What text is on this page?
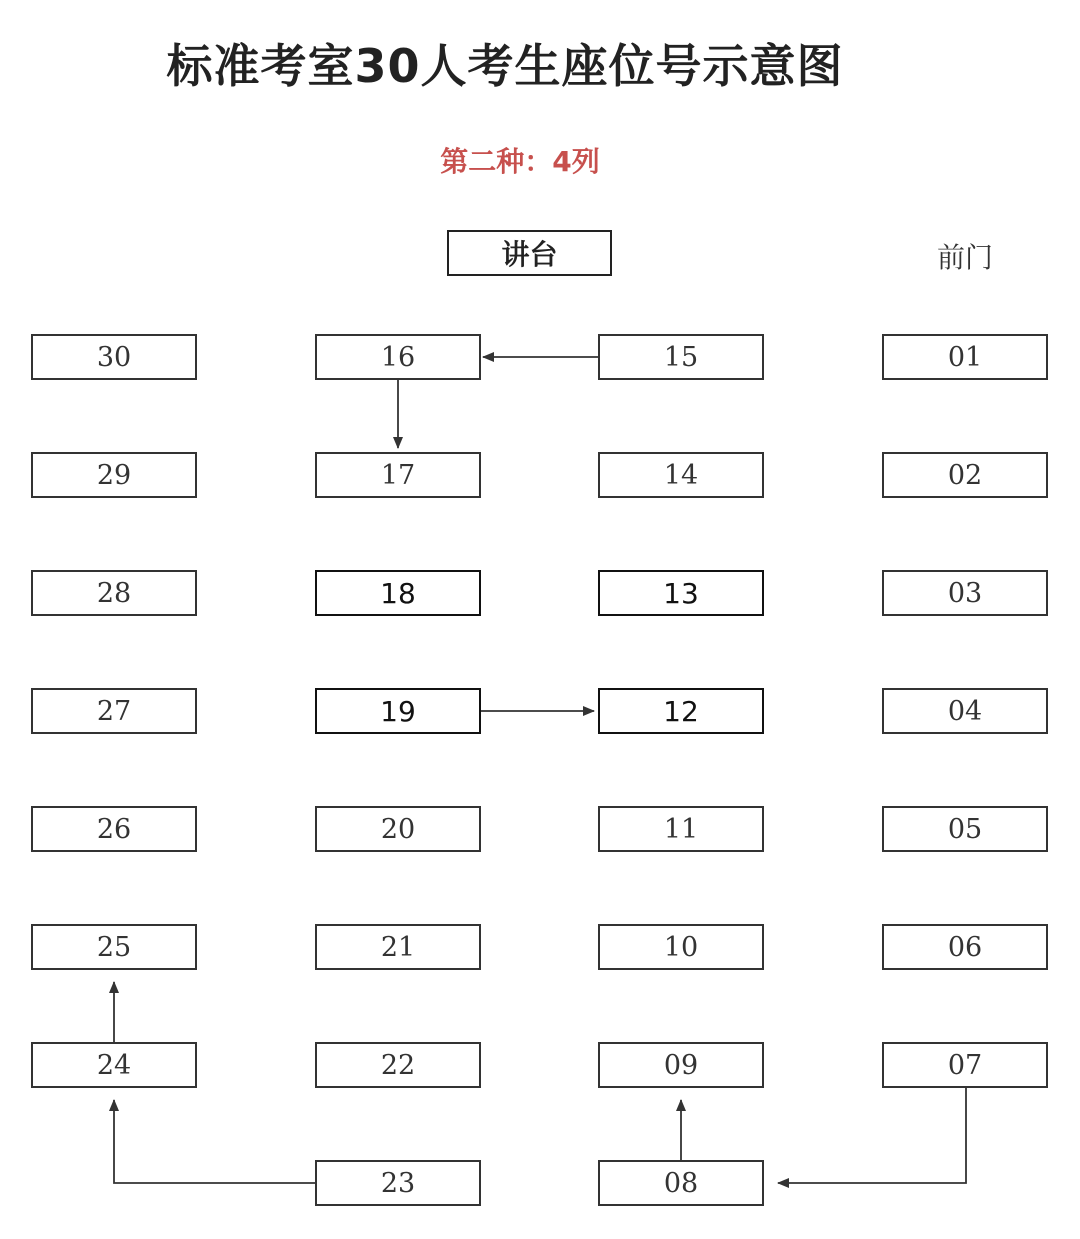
标准考室30人考生座位号示意图
第二种：4列
讲台	前门
30
29
28
27
26
25
24
16
17
18
19
20
21
22
23
15
14
13
12
11
10
09
08
01
02
03
04
05
06
07
